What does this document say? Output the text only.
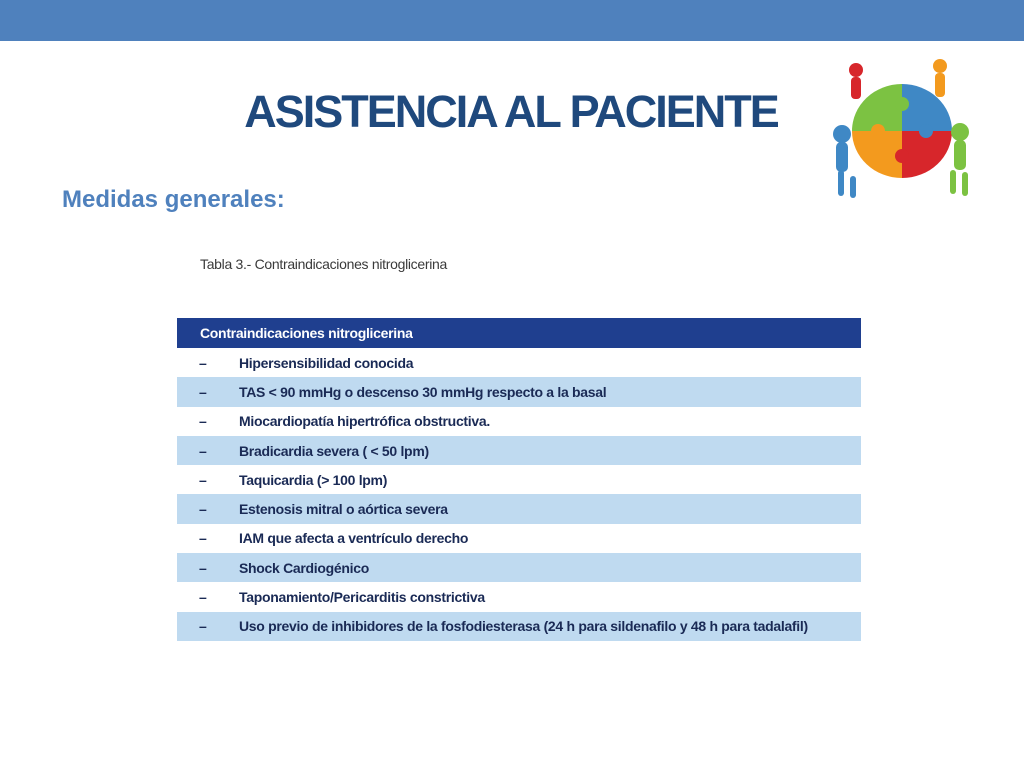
ASISTENCIA AL PACIENTE

Medidas generales:

Tabla 3.- Contraindicaciones nitroglicerina

Contraindicaciones nitroglicerina
–	Hipersensibilidad conocida
–	TAS < 90 mmHg o descenso 30 mmHg respecto a la basal
–	Miocardiopatía hipertrófica obstructiva.
–	Bradicardia severa ( < 50 lpm)
–	Taquicardia (> 100 lpm)
–	Estenosis mitral o aórtica severa
–	IAM que afecta a ventrículo derecho
–	Shock Cardiogénico
–	Taponamiento/Pericarditis constrictiva
–	Uso previo de inhibidores de la fosfodiesterasa (24 h para sildenafilo y 48 h para tadalafil)
